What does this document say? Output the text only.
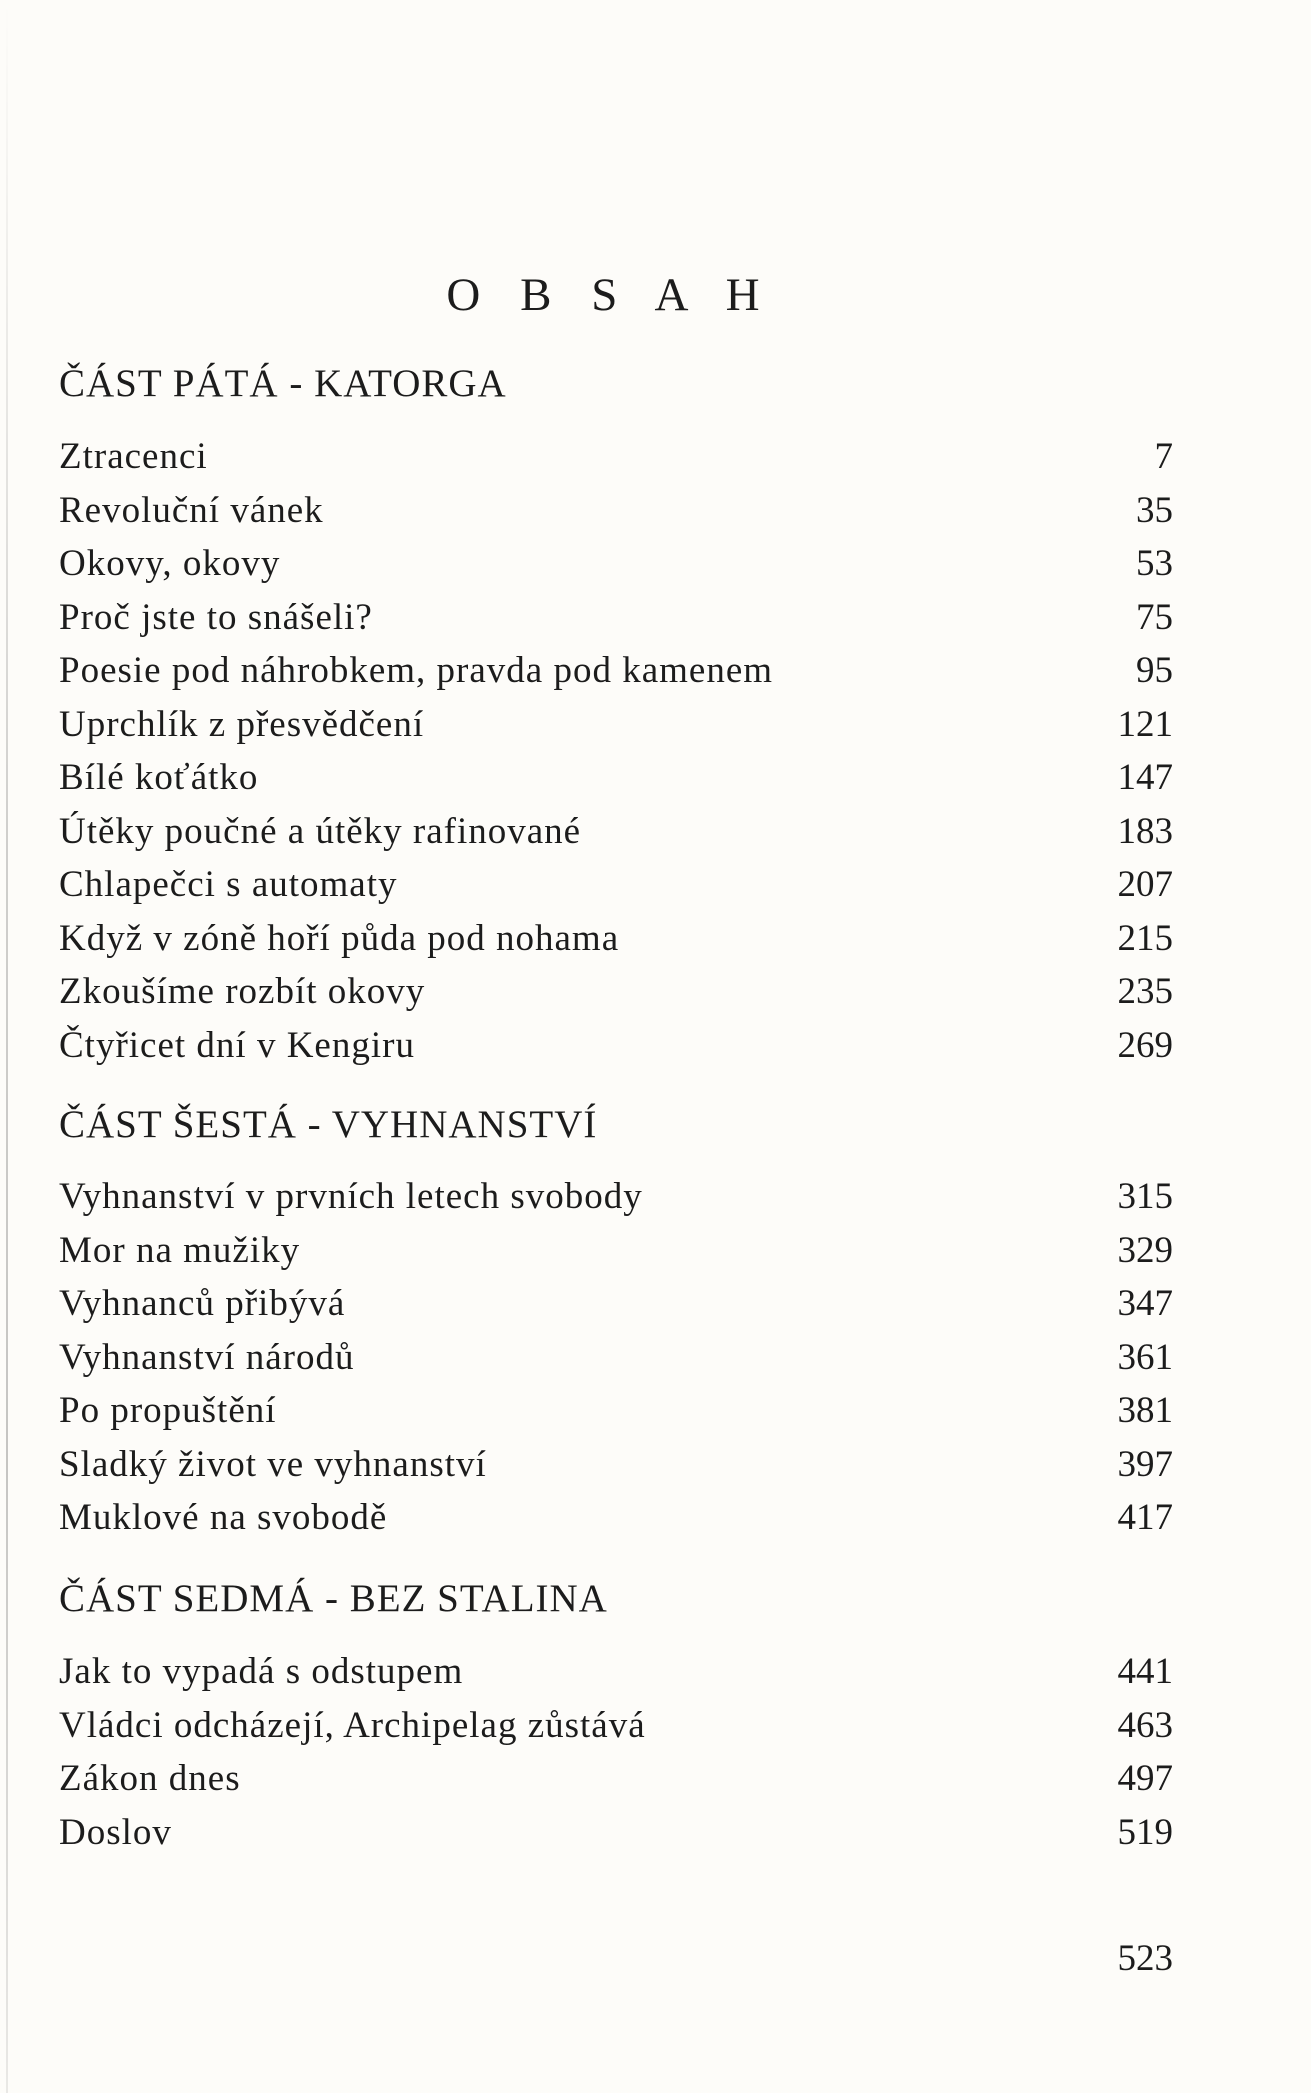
O B S A H
ČÁST PÁTÁ - KATORGA
Ztracenci	7
Revoluční vánek	35
Okovy, okovy	53
Proč jste to snášeli?	75
Poesie pod náhrobkem, pravda pod kamenem	95
Uprchlík z přesvědčení	121
Bílé koťátko	147
Útěky poučné a útěky rafinované	183
Chlapečci s automaty	207
Když v zóně hoří půda pod nohama	215
Zkoušíme rozbít okovy	235
Čtyřicet dní v Kengiru	269
ČÁST ŠESTÁ - VYHNANSTVÍ
Vyhnanství v prvních letech svobody	315
Mor na mužiky	329
Vyhnanců přibývá	347
Vyhnanství národů	361
Po propuštění	381
Sladký život ve vyhnanství	397
Muklové na svobodě	417
ČÁST SEDMÁ - BEZ STALINA
Jak to vypadá s odstupem	441
Vládci odcházejí, Archipelag zůstává	463
Zákon dnes	497
Doslov	519
523
